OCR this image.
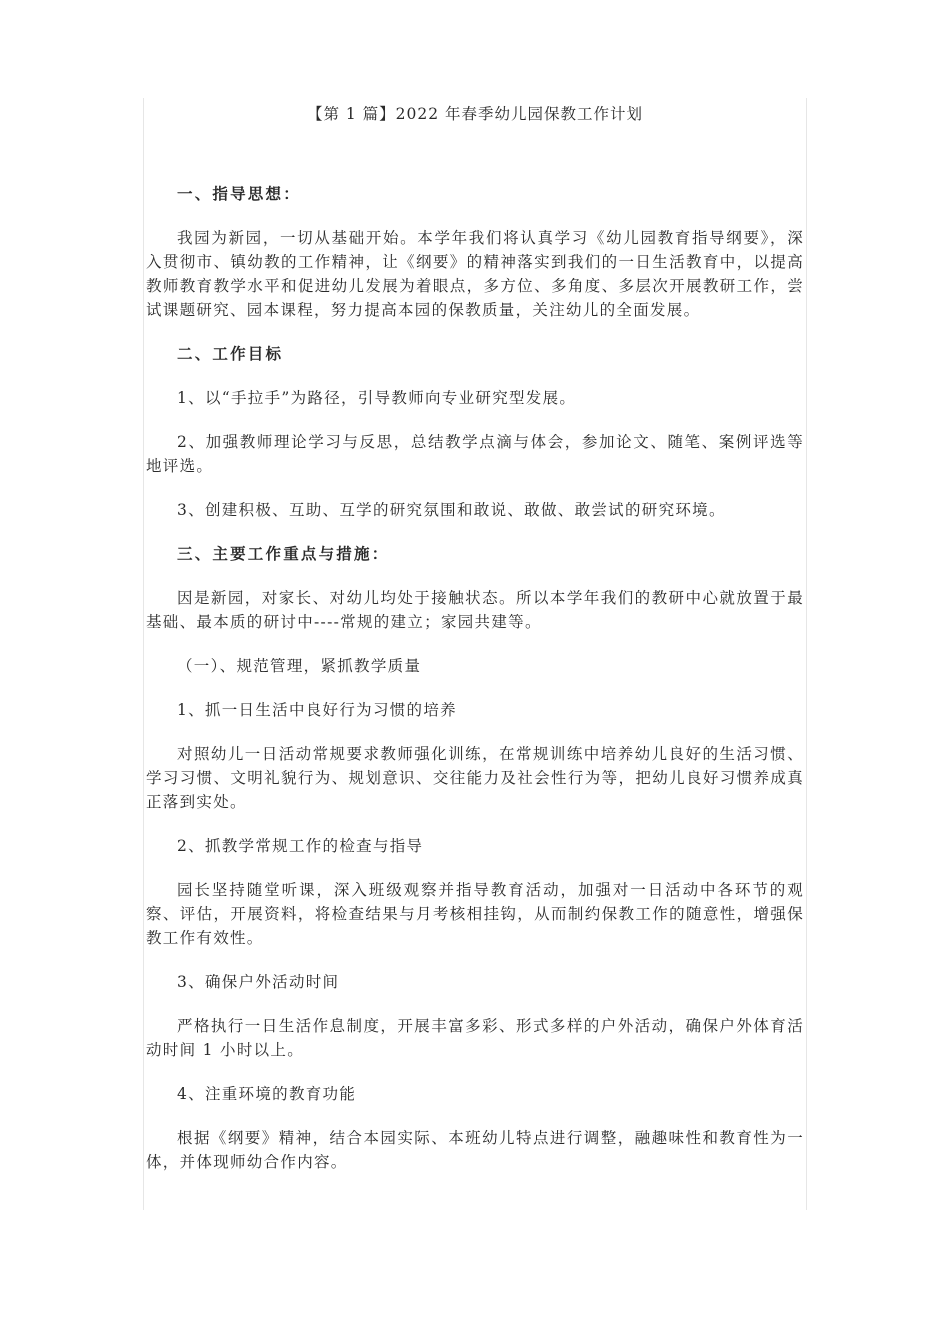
【第 1 篇】2022 年春季幼儿园保教工作计划

一、指导思想：

我园为新园，一切从基础开始。本学年我们将认真学习《幼儿园教育指导纲要》，深入贯彻市、镇幼教的工作精神，让《纲要》的精神落实到我们的一日生活教育中，以提高教师教育教学水平和促进幼儿发展为着眼点，多方位、多角度、多层次开展教研工作，尝试课题研究、园本课程，努力提高本园的保教质量，关注幼儿的全面发展。

二、工作目标

1、以“手拉手”为路径，引导教师向专业研究型发展。

2、加强教师理论学习与反思，总结教学点滴与体会，参加论文、随笔、案例评选等地评选。

3、创建积极、互助、互学的研究氛围和敢说、敢做、敢尝试的研究环境。

三、主要工作重点与措施：

因是新园，对家长、对幼儿均处于接触状态。所以本学年我们的教研中心就放置于最基础、最本质的研讨中----常规的建立；家园共建等。

（一）、规范管理，紧抓教学质量

1、抓一日生活中良好行为习惯的培养

对照幼儿一日活动常规要求教师强化训练，在常规训练中培养幼儿良好的生活习惯、学习习惯、文明礼貌行为、规划意识、交往能力及社会性行为等，把幼儿良好习惯养成真正落到实处。

2、抓教学常规工作的检查与指导

园长坚持随堂听课，深入班级观察并指导教育活动，加强对一日活动中各环节的观察、评估，开展资料，将检查结果与月考核相挂钩，从而制约保教工作的随意性，增强保教工作有效性。

3、确保户外活动时间

严格执行一日生活作息制度，开展丰富多彩、形式多样的户外活动，确保户外体育活动时间 1 小时以上。

4、注重环境的教育功能

根据《纲要》精神，结合本园实际、本班幼儿特点进行调整，融趣味性和教育性为一体，并体现师幼合作内容。
